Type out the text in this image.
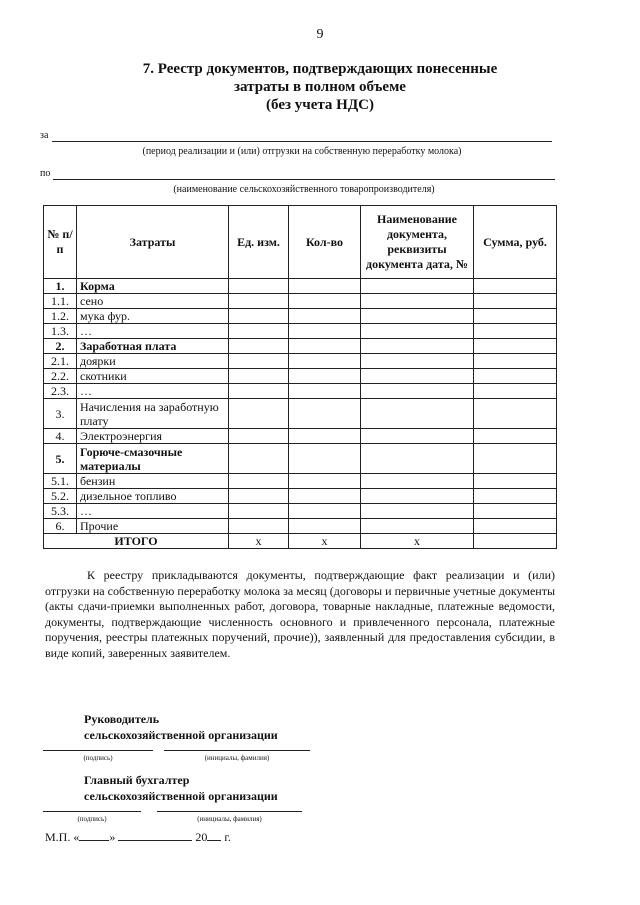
9
7. Реестр документов, подтверждающих понесенные
затраты в полном объеме
(без учета НДС)
за
(период реализации и (или) отгрузки на собственную переработку молока)
по
(наименование сельскохозяйственного товаропроизводителя)
№ п/п	Затраты	Ед. изм.	Кол-во	Наименование документа, реквизиты документа дата, №	Сумма, руб.
1.	Корма				
1.1.	сено				
1.2.	мука фур.				
1.3.	…				
2.	Заработная плата				
2.1.	доярки				
2.2.	скотники				
2.3.	…				
3.	Начисления на заработную плату				
4.	Электроэнергия				
5.	Горюче-смазочные материалы				
5.1.	бензин				
5.2.	дизельное топливо				
5.3.	…				
6.	Прочие				
ИТОГО		x	x	x	
К реестру прикладываются документы, подтверждающие факт реализации и (или) отгрузки на собственную переработку молока за месяц (договоры и первичные учетные документы (акты сдачи-приемки выполненных работ, договора, товарные накладные, платежные ведомости, документы, подтверждающие численность основного и привлеченного персонала, платежные поручения, реестры платежных поручений, прочие)), заявленный для предоставления субсидии, в виде копий, заверенных заявителем.
Руководитель
сельскохозяйственной организации
(подпись)	(инициалы, фамилия)
Главный бухгалтер
сельскохозяйственной организации
(подпись)	(инициалы, фамилия)
М.П. «	»	20 г.
